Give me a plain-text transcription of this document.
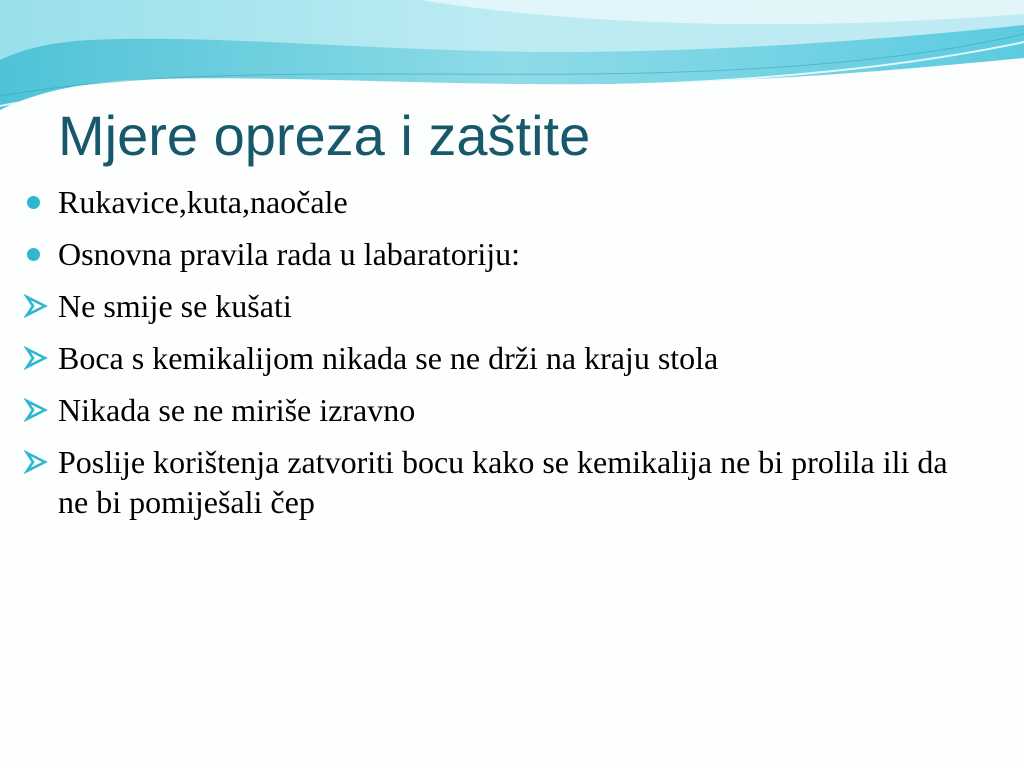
Mjere opreza i zaštite
Rukavice,kuta,naočale
Osnovna pravila rada u labaratoriju:
Ne smije se kušati
Boca s kemikalijom nikada se ne drži na kraju stola
Nikada se ne miriše izravno
Poslije korištenja zatvoriti bocu kako se kemikalija ne bi prolila ili da ne bi pomiješali čep
